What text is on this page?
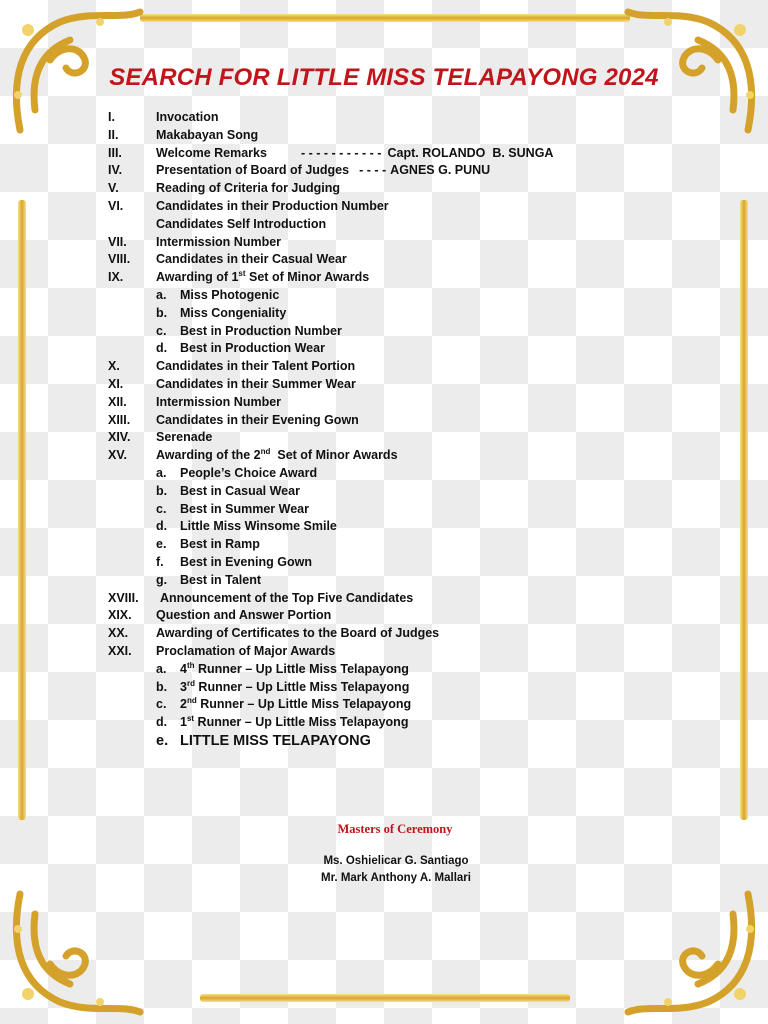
SEARCH FOR LITTLE MISS TELAPAYONG 2024
I.	Invocation
II.	Makabayan Song
III.	Welcome Remarks	- - - - - - - - - - - Capt. ROLANDO  B. SUNGA
IV.	Presentation of Board of Judges - - - - AGNES G. PUNU
V.	Reading of Criteria for Judging
VI.	Candidates in their Production Number
Candidates Self Introduction
VII. Intermission Number
VIII. Candidates in their Casual Wear
IX.	Awarding of 1st Set of Minor Awards
a. Miss Photogenic
b. Miss Congeniality
c. Best in Production Number
d. Best in Production Wear
X.	Candidates in their Talent Portion
XI.	Candidates in their Summer Wear
XII. Intermission Number
XIII. Candidates in their Evening Gown
XIV. Serenade
XV. Awarding of the 2nd  Set of Minor Awards
a. People’s Choice Award
b. Best in Casual Wear
c. Best in Summer Wear
d. Little Miss Winsome Smile
e. Best in Ramp
f. Best in Evening Gown
g. Best in Talent
XVIII. Announcement of the Top Five Candidates
XIX. Question and Answer Portion
XX. Awarding of Certificates to the Board of Judges
XXI. Proclamation of Major Awards
a. 4th Runner – Up Little Miss Telapayong
b. 3rd Runner – Up Little Miss Telapayong
c. 2nd Runner – Up Little Miss Telapayong
d. 1st Runner – Up Little Miss Telapayong
e. LITTLE MISS TELAPAYONG
Masters of Ceremony
Ms. Oshielicar G. Santiago
Mr. Mark Anthony A. Mallari
